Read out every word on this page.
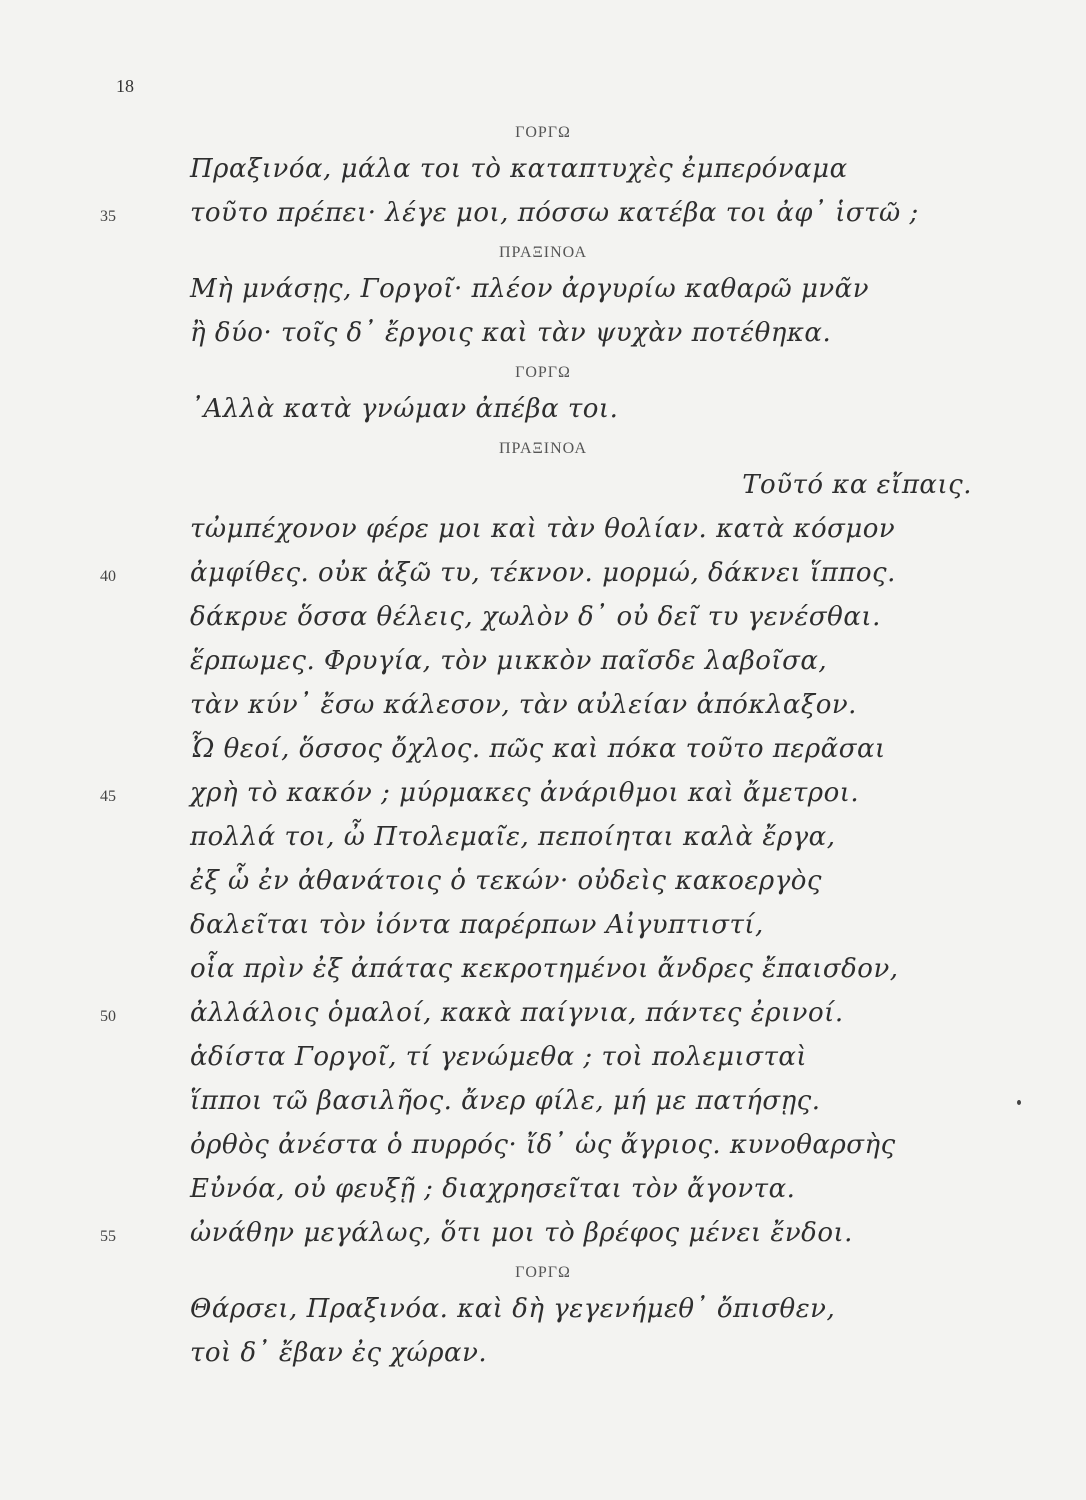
18
ΓΟΡΓΩ
Πραξινόα, μάλα τοι τὸ καταπτυχὲς ἐμπερόναμα
35	τοῦτο πρέπει· λέγε μοι, πόσσω κατέβα τοι ἀφ᾽ ἱστῶ ;
ΠΡΑΞΙΝΟΑ
Μὴ μνάσῃς, Γοργοῖ· πλέον ἀργυρίω καθαρῶ μνᾶν
ἢ δύο· τοῖς δ᾽ ἔργοις καὶ τὰν ψυχὰν ποτέθηκα.
ΓΟΡΓΩ
᾽Αλλὰ κατὰ γνώμαν ἀπέβα τοι.
ΠΡΑΞΙΝΟΑ
Τοῦτό κα εἴπαις.
τὠμπέχονον φέρε μοι καὶ τὰν θολίαν. κατὰ κόσμον
40	ἀμφίθες. οὐκ ἀξῶ τυ, τέκνον. μορμώ, δάκνει ἵππος.
δάκρυε ὅσσα θέλεις, χωλὸν δ᾽ οὐ δεῖ τυ γενέσθαι.
ἕρπωμες. Φρυγία, τὸν μικκὸν παῖσδε λαβοῖσα,
τὰν κύν᾽ ἔσω κάλεσον, τὰν αὐλείαν ἀπόκλαξον.
Ὦ θεοί, ὅσσος ὄχλος. πῶς καὶ πόκα τοῦτο περᾶσαι
45	χρὴ τὸ κακόν ; μύρμακες ἀνάριθμοι καὶ ἄμετροι.
πολλά τοι, ὦ Πτολεμαῖε, πεποίηται καλὰ ἔργα,
ἐξ ὧ ἐν ἀθανάτοις ὁ τεκών· οὐδεὶς κακοεργὸς
δαλεῖται τὸν ἰόντα παρέρπων Αἰγυπτιστί,
οἷα πρὶν ἐξ ἀπάτας κεκροτημένοι ἄνδρες ἔπαισδον,
50	ἀλλάλοις ὁμαλοί, κακὰ παίγνια, πάντες ἐρινοί.
ἁδίστα Γοργοῖ, τί γενώμεθα ; τοὶ πολεμισταὶ
ἵπποι τῶ βασιλῆος. ἄνερ φίλε, μή με πατήσῃς.
ὀρθὸς ἀνέστα ὁ πυρρός· ἴδ᾽ ὡς ἄγριος. κυνοθαρσὴς
Εὐνόα, οὐ φευξῇ ; διαχρησεῖται τὸν ἄγοντα.
55	ὠνάθην μεγάλως, ὅτι μοι τὸ βρέφος μένει ἔνδοι.
ΓΟΡΓΩ
Θάρσει, Πραξινόα. καὶ δὴ γεγενήμεθ᾽ ὄπισθεν,
τοὶ δ᾽ ἔβαν ἐς χώραν.
